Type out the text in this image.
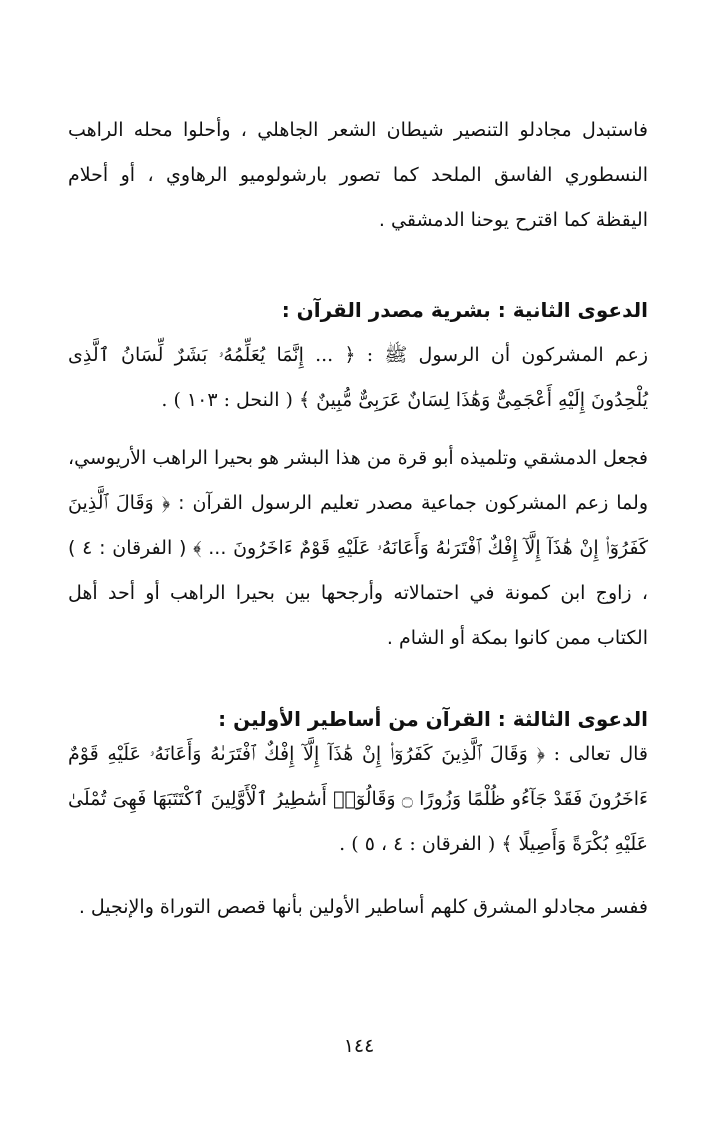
فاستبدل مجادلو التنصير شيطان الشعر الجاهلي ، وأحلوا محله الراهب النسطوري الفاسق الملحد كما تصور بارشولوميو الرهاوي ، أو أحلام اليقظة كما اقترح يوحنا الدمشقي .

الدعوى الثانية : بشرية مصدر القرآن :

زعم المشركون أن الرسول ﷺ : ﴿ ... إِنَّمَا يُعَلِّمُهُۥ بَشَرٌ لِّسَانُ ٱلَّذِى يُلْحِدُونَ إِلَيْهِ أَعْجَمِىٌّ وَهَٰذَا لِسَانٌ عَرَبِىٌّ مُّبِينٌ ﴾ ( النحل : ١٠٣ ) .

فجعل الدمشقي وتلميذه أبو قرة من هذا البشر هو بحيرا الراهب الأريوسي، ولما زعم المشركون جماعية مصدر تعليم الرسول القرآن : ﴿ وَقَالَ ٱلَّذِينَ كَفَرُوٓا۟ إِنْ هَٰذَآ إِلَّآ إِفْكٌ ٱفْتَرَىٰهُ وَأَعَانَهُۥ عَلَيْهِ قَوْمٌ ءَاخَرُونَ ... ﴾ ( الفرقان : ٤ ) ، زاوج ابن كمونة في احتمالاته وأرجحها بين بحيرا الراهب أو أحد أهل الكتاب ممن كانوا بمكة أو الشام .

الدعوى الثالثة : القرآن من أساطير الأولين :

قال تعالى : ﴿ وَقَالَ ٱلَّذِينَ كَفَرُوٓا۟ إِنْ هَٰذَآ إِلَّآ إِفْكٌ ٱفْتَرَىٰهُ وَأَعَانَهُۥ عَلَيْهِ قَوْمٌ ءَاخَرُونَ فَقَدْ جَآءُو ظُلْمًا وَزُورًا ۝ وَقَالُوٓا۟ أَسَٰطِيرُ ٱلْأَوَّلِينَ ٱكْتَتَبَهَا فَهِىَ تُمْلَىٰ عَلَيْهِ بُكْرَةً وَأَصِيلًا ﴾ ( الفرقان : ٤ ، ٥ ) .

ففسر مجادلو المشرق كلهم أساطير الأولين بأنها قصص التوراة والإنجيل .

١٤٤
